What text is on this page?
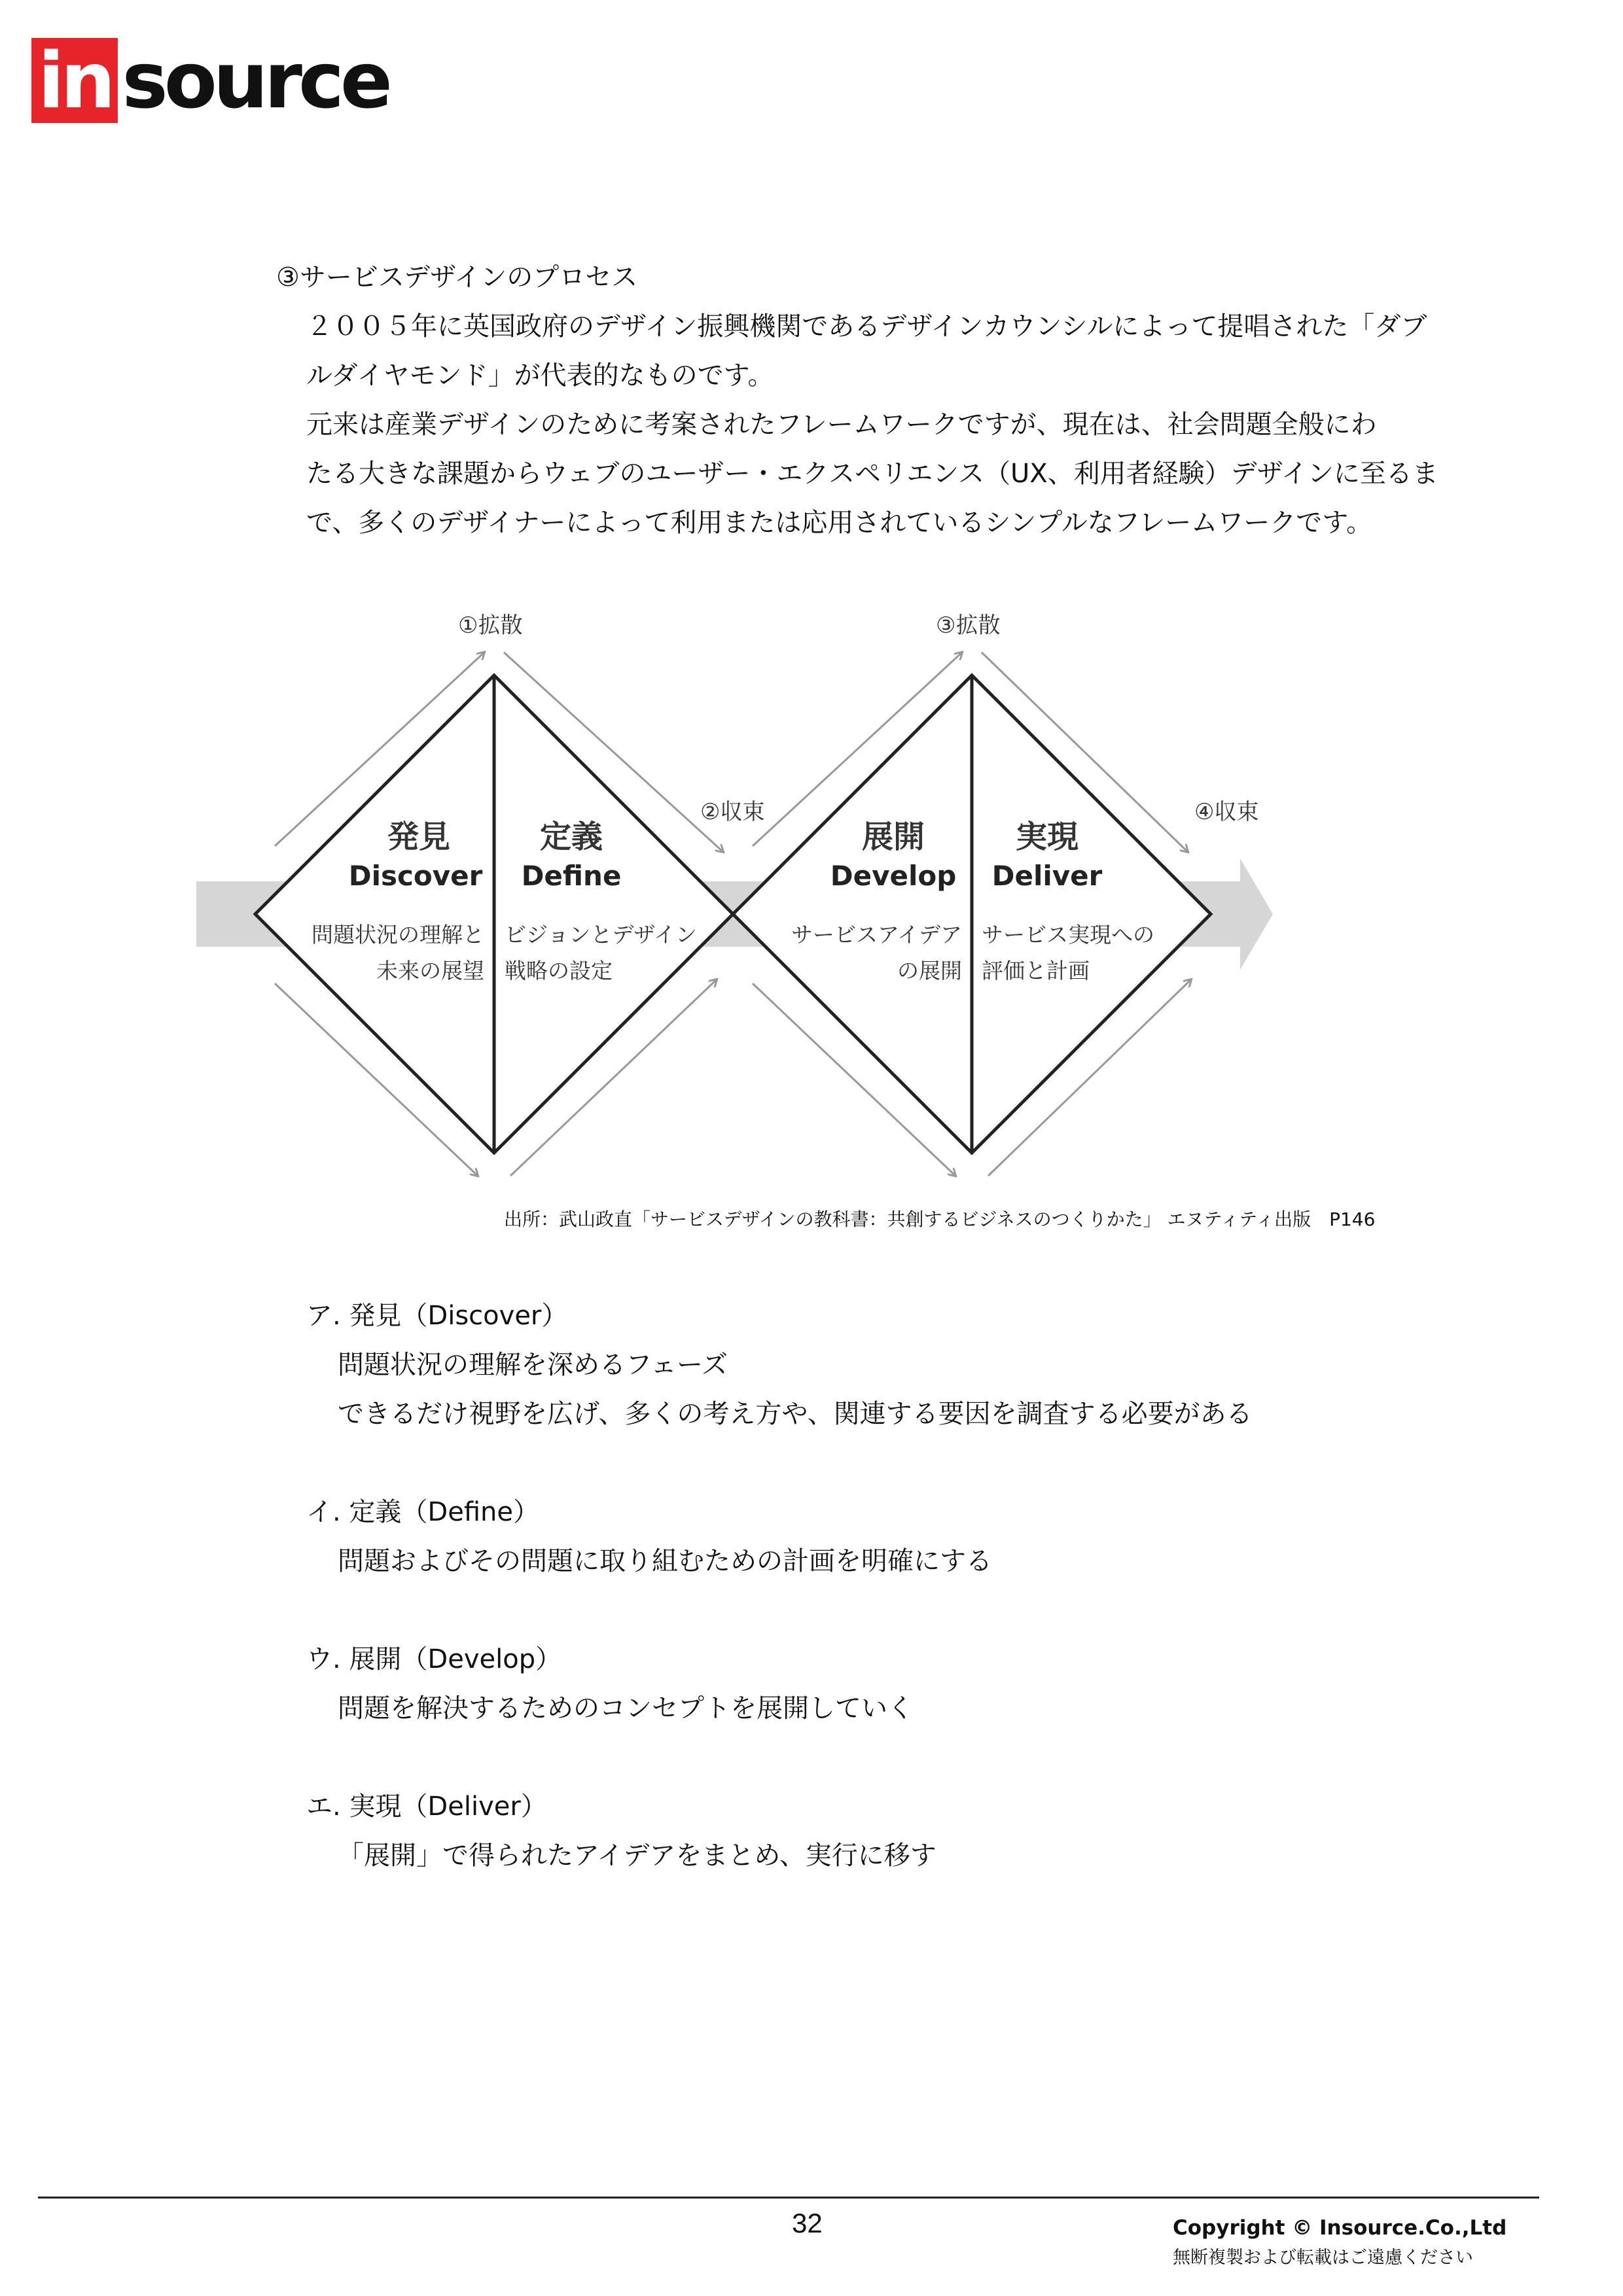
in source
③サービスデザインのプロセス
２００５年に英国政府のデザイン振興機関であるデザインカウンシルによって提唱された「ダブ
ルダイヤモンド」が代表的なものです。
元来は産業デザインのために考案されたフレームワークですが、現在は、社会問題全般にわ
たる大きな課題からウェブのユーザー・エクスペリエンス（UX、利用者経験）デザインに至るま
で、多くのデザイナーによって利用または応用されているシンプルなフレームワークです。
①拡散
②収束
③拡散
④収束
発見
Discover
問題状況の理解と
未来の展望
定義
Define
ビジョンとデザイン
戦略の設定
展開
Develop
サービスアイデア
の展開
実現
Deliver
サービス実現への
評価と計画
出所：武山政直「サービスデザインの教科書：共創するビジネスのつくりかた」 エヌティティ出版　P146
ア. 発見（Discover）
問題状況の理解を深めるフェーズ
できるだけ視野を広げ、多くの考え方や、関連する要因を調査する必要がある
イ. 定義（Define）
問題およびその問題に取り組むための計画を明確にする
ウ. 展開（Develop）
問題を解決するためのコンセプトを展開していく
エ. 実現（Deliver）
「展開」で得られたアイデアをまとめ、実行に移す
32	Copyright © Insource.Co.,Ltd
無断複製および転載はご遠慮ください
